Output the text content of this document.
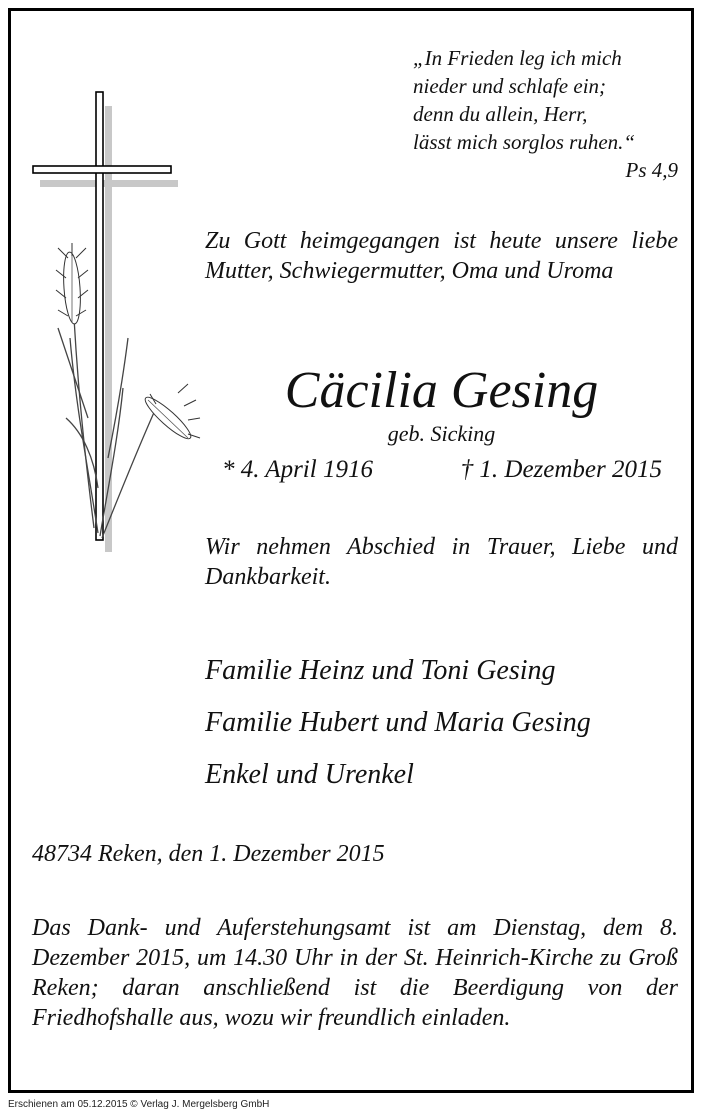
„In Frieden leg ich mich
nieder und schlafe ein;
denn du allein, Herr,
lässt mich sorglos ruhen.“
Ps 4,9

Zu Gott heimgegangen ist heute unsere liebe Mutter, Schwiegermutter, Oma und Uroma

Cäcilia Gesing
geb. Sicking
* 4. April 1916	† 1. Dezember 2015

Wir nehmen Abschied in Trauer, Liebe und Dankbarkeit.

Familie Heinz und Toni Gesing
Familie Hubert und Maria Gesing
Enkel und Urenkel
48734 Reken, den 1. Dezember 2015

Das Dank- und Auferstehungsamt ist am Dienstag, dem 8. Dezember 2015, um 14.30 Uhr in der St. Heinrich-Kirche zu Groß Reken; daran anschließend ist die Beerdigung von der Friedhofshalle aus, wozu wir freundlich einladen.

Erschienen am 05.12.2015 © Verlag J. Mergelsberg GmbH
